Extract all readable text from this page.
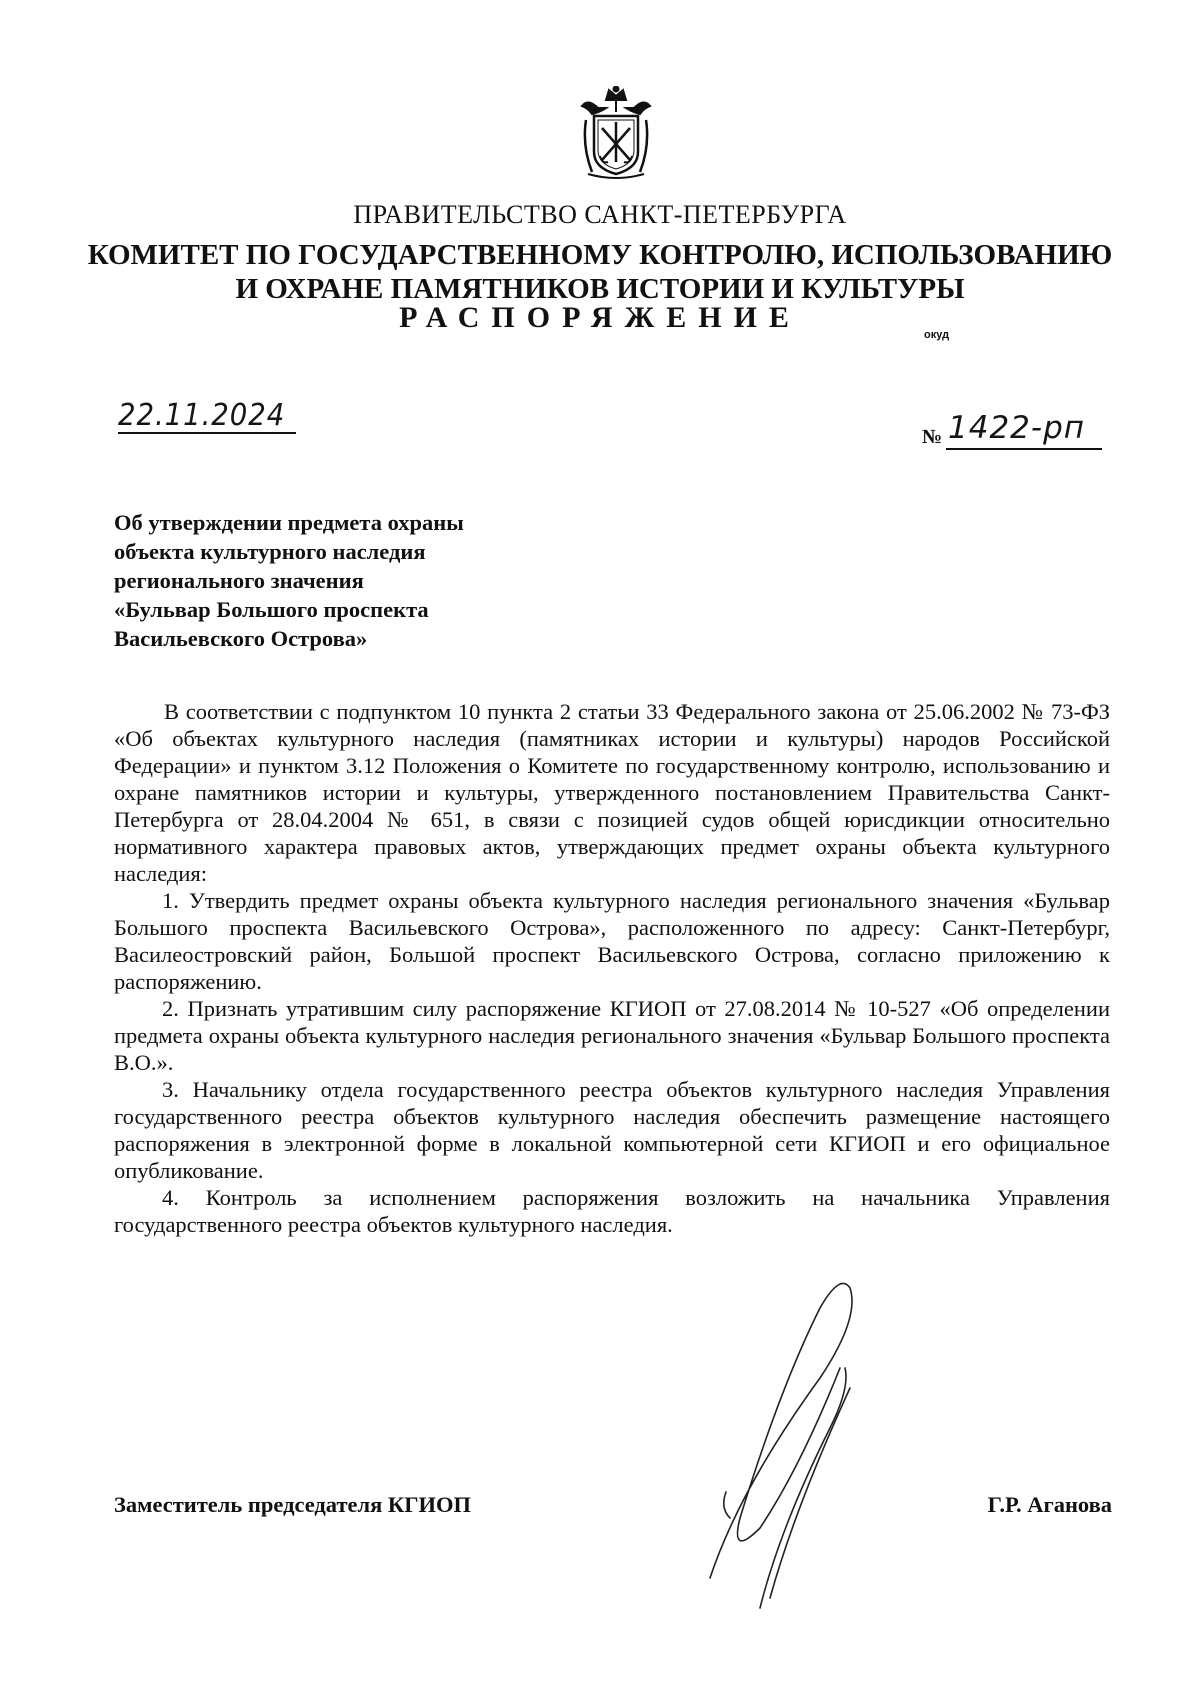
ПРАВИТЕЛЬСТВО САНКТ-ПЕТЕРБУРГА
КОМИТЕТ ПО ГОСУДАРСТВЕННОМУ КОНТРОЛЮ, ИСПОЛЬЗОВАНИЮ
И ОХРАНЕ ПАМЯТНИКОВ ИСТОРИИ И КУЛЬТУРЫ
РАСПОРЯЖЕНИЕ
окуд
22.11.2024
№ 1422-рп
Об утверждении предмета охраны
объекта культурного наследия
регионального значения
«Бульвар Большого проспекта
Васильевского Острова»

В соответствии с подпунктом 10 пункта 2 статьи 33 Федерального закона от 25.06.2002 № 73-ФЗ «Об объектах культурного наследия (памятниках истории и культуры) народов Российской Федерации» и пунктом 3.12 Положения о Комитете по государственному контролю, использованию и охране памятников истории и культуры, утвержденного постановлением Правительства Санкт-Петербурга от 28.04.2004 № 651, в связи с позицией судов общей юрисдикции относительно нормативного характера правовых актов, утверждающих предмет охраны объекта культурного наследия:

1. Утвердить предмет охраны объекта культурного наследия регионального значения «Бульвар Большого проспекта Васильевского Острова», расположенного по адресу: Санкт-Петербург, Василеостровский район, Большой проспект Васильевского Острова, согласно приложению к распоряжению.

2. Признать утратившим силу распоряжение КГИОП от 27.08.2014 № 10-527 «Об определении предмета охраны объекта культурного наследия регионального значения «Бульвар Большого проспекта В.О.».

3. Начальнику отдела государственного реестра объектов культурного наследия Управления государственного реестра объектов культурного наследия обеспечить размещение настоящего распоряжения в электронной форме в локальной компьютерной сети КГИОП и его официальное опубликование.

4. Контроль за исполнением распоряжения возложить на начальника Управления государственного реестра объектов культурного наследия.

Заместитель председателя КГИОП	Г.Р. Аганова
